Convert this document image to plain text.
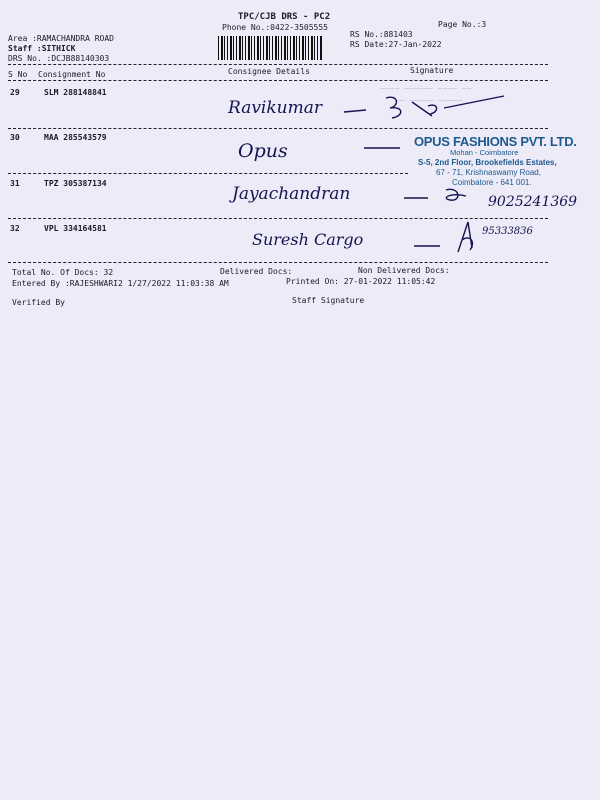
TPC/CJB DRS - PC2
Phone No.:0422-3505555	Page No.:3
Area :RAMACHANDRA ROAD
Staff :SITHICK
DRS No. :DCJB88140303
RS No.:881403
RS Date:27-Jan-2022
S No Consignment No	Consignee Details	Signature
~~~~ ~~~~~~ ~~~~ ~~
~~ ~~~~~ ~~~~~
29	SLM 288148841
Ravikumar
30	MAA 285543579
Opus	OPUS FASHIONS PVT. LTD.
Mohan - Coimbatore
S-5, 2nd Floor, Brookefields Estates,
67 - 71, Krishnaswamy Road,
Coimbatore - 641 001.
31	TPZ 305387134
Jayachandran	9025241369
32	VPL 334164581
Suresh Cargo	95333836
Total No. Of Docs: 32	Delivered Docs:	Non Delivered Docs:
Entered By :RAJESHWARI2 1/27/2022 11:03:38 AM	Printed On: 27-01-2022 11:05:42
Verified By	Staff Signature
